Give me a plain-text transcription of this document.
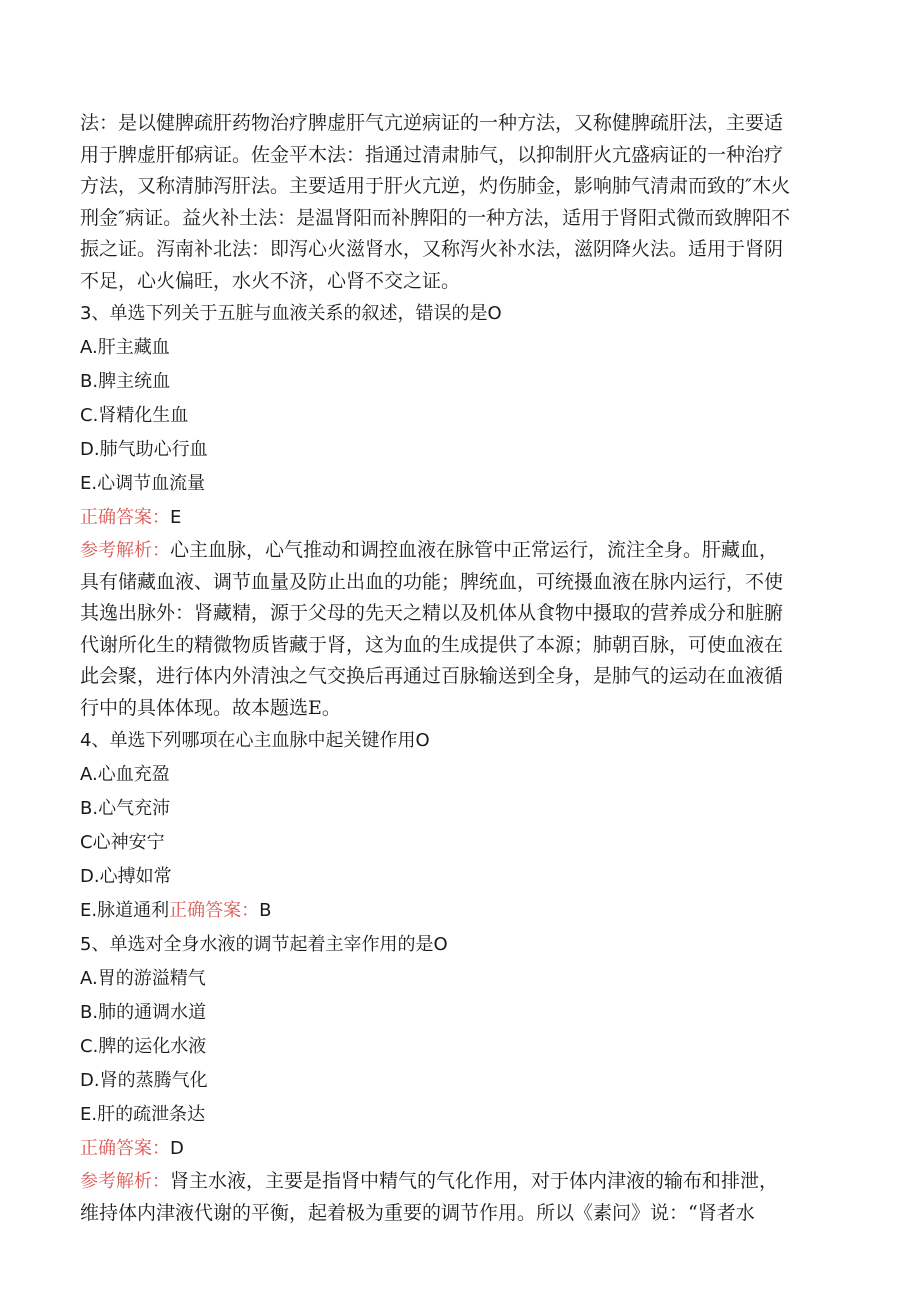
法：是以健脾疏肝药物治疗脾虚肝气亢逆病证的一种方法，又称健脾疏肝法，主要适
用于脾虚肝郁病证。佐金平木法：指通过清肃肺气，以抑制肝火亢盛病证的一种治疗
方法，又称清肺泻肝法。主要适用于肝火亢逆，灼伤肺金，影响肺气清肃而致的″木火
刑金″病证。益火补土法：是温肾阳而补脾阳的一种方法，适用于肾阳式微而致脾阳不
振之证。泻南补北法：即泻心火滋肾水，又称泻火补水法，滋阴降火法。适用于肾阴
不足，心火偏旺，水火不济，心肾不交之证。

3、单选下列关于五脏与血液关系的叙述，错误的是O
A.肝主藏血
B.脾主统血
C.肾精化生血
D.肺气助心行血
E.心调节血流量
正确答案：E

参考解析：心主血脉，心气推动和调控血液在脉管中正常运行，流注全身。肝藏血，
具有储藏血液、调节血量及防止出血的功能；脾统血，可统摄血液在脉内运行，不使
其逸出脉外：肾藏精，源于父母的先天之精以及机体从食物中摄取的营养成分和脏腑
代谢所化生的精微物质皆藏于肾，这为血的生成提供了本源；肺朝百脉，可使血液在
此会聚，进行体内外清浊之气交换后再通过百脉输送到全身，是肺气的运动在血液循
行中的具体体现。故本题选E。

4、单选下列哪项在心主血脉中起关键作用O
A.心血充盈
B.心气充沛
C心神安宁
D.心搏如常
E.脉道通利正确答案：B
5、单选对全身水液的调节起着主宰作用的是O
A.胃的游溢精气
B.肺的通调水道
C.脾的运化水液
D.肾的蒸腾气化
E.肝的疏泄条达
正确答案：D

参考解析：肾主水液，主要是指肾中精气的气化作用，对于体内津液的输布和排泄，
维持体内津液代谢的平衡，起着极为重要的调节作用。所以《素问》说：“肾者水
